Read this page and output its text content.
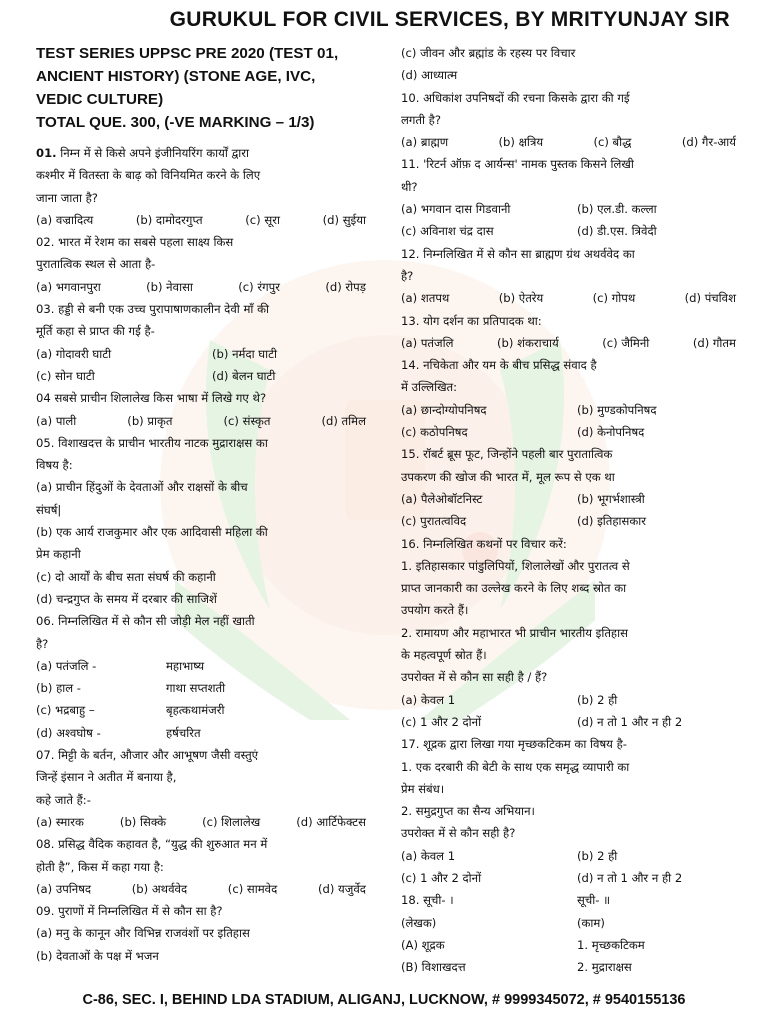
GURUKUL FOR CIVIL SERVICES, BY MRITYUNJAY SIR
TEST SERIES UPPSC PRE 2020 (TEST 01,
ANCIENT HISTORY) (STONE AGE, IVC,
VEDIC CULTURE)
TOTAL QUE. 300, (-VE MARKING – 1/3)
01. निम्न में से किसे अपने इंजीनियरिंग कार्यों द्वारा
कश्मीर में वितस्ता के बाढ़ को विनियमित करने के लिए
जाना जाता है?
(a) वज्रादित्य	(b) दामोदरगुप्त	(c) सूरा	(d) सुईया
02. भारत में रेशम का सबसे पहला साक्ष्य किस
पुरातात्विक स्थल से आता है-
(a) भगवानपुरा	(b) नेवासा	(c) रंगपुर	(d) रोपड़
03. हड्डी से बनी एक उच्च पुरापाषाणकालीन देवी माँ की
मूर्ति कहा से प्राप्त की गई है-
(a) गोदावरी घाटी	(b) नर्मदा घाटी
(c) सोन घाटी	(d) बेलन घाटी
04 सबसे प्राचीन शिलालेख किस भाषा में लिखे गए थे?
(a) पाली	(b) प्राकृत	(c) संस्कृत	(d) तमिल
05. विशाखदत्त के प्राचीन भारतीय नाटक मुद्राराक्षस का
विषय है:
(a) प्राचीन हिंदुओं के देवताओं और राक्षसों के बीच
संघर्ष|
(b) एक आर्य राजकुमार और एक आदिवासी महिला की
प्रेम कहानी
(c) दो आर्यों के बीच सता संघर्ष की कहानी
(d) चन्द्रगुप्त के समय में दरबार की साजिशें
06. निम्नलिखित में से कौन सी जोड़ी मेल नहीं खाती
है?
(a) पतंजलि -	महाभाष्य
(b) हाल -	गाथा सप्तशती
(c) भद्रबाहु –	बृहत्कथामंजरी
(d) अश्वघोष -	हर्षचरित
07. मिट्टी के बर्तन, औजार और आभूषण जैसी वस्तुएं
जिन्हें इंसान ने अतीत में बनाया है,
कहे जाते हैं:-
(a) स्मारक	(b) सिक्के	(c) शिलालेख	(d) आर्टिफेक्टस
08. प्रसिद्ध वैदिक कहावत है, “युद्ध की शुरुआत मन में
होती है”, किस में कहा गया है:
(a) उपनिषद	(b) अथर्ववेद	(c) सामवेद	(d) यजुर्वेद
09. पुराणों में निम्नलिखित में से कौन सा है?
(a) मनु के कानून और विभिन्न राजवंशों पर इतिहास
(b) देवताओं के पक्ष में भजन
(c) जीवन और ब्रह्मांड के रहस्य पर विचार
(d) आध्यात्म
10. अधिकांश उपनिषदों की रचना किसके द्वारा की गई
लगती है?
(a) ब्राह्मण	(b) क्षत्रिय	(c) बौद्ध	(d) गैर-आर्य
11. 'रिटर्न ऑफ़ द आर्यन्स' नामक पुस्तक किसने लिखी
थी?
(a) भगवान दास गिडवानी	(b) एल.डी. कल्ला
(c) अविनाश चंद्र दास	(d) डी.एस. त्रिवेदी
12. निम्नलिखित में से कौन सा ब्राह्मण ग्रंथ अथर्ववेद का
है?
(a) शतपथ	(b) ऐतरेय	(c) गोपथ	(d) पंचविश
13. योग दर्शन का प्रतिपादक था:
(a) पतंजलि	(b) शंकराचार्य	(c) जैमिनी	(d) गौतम
14. नचिकेता और यम के बीच प्रसिद्ध संवाद है
में उल्लिखित:
(a) छान्दोग्योपनिषद	(b) मुण्डकोपनिषद
(c) कठोपनिषद	(d) केनोपनिषद
15. रॉबर्ट ब्रूस फूट, जिन्होंने पहली बार पुरातात्विक
उपकरण की खोज की भारत में, मूल रूप से एक था
(a) पैलेओबॉटनिस्ट	(b) भूगर्भशास्त्री
(c) पुरातत्वविद	(d) इतिहासकार
16. निम्नलिखित कथनों पर विचार करें:
1. इतिहासकार पांडुलिपियों, शिलालेखों और पुरातत्व से
प्राप्त जानकारी का उल्लेख करने के लिए शब्द स्रोत का
उपयोग करते हैं।
2. रामायण और महाभारत भी प्राचीन भारतीय इतिहास
के महत्वपूर्ण स्रोत हैं।
उपरोक्त में से कौन सा सही है / हैं?
(a) केवल 1	(b) 2 ही
(c) 1 और 2 दोनों	(d) न तो 1 और न ही 2
17. शूद्रक द्वारा लिखा गया मृच्छकटिकम का विषय है-
1. एक दरबारी की बेटी के साथ एक समृद्ध व्यापारी का
प्रेम संबंध।
2. समुद्रगुप्त का सैन्य अभियान।
उपरोक्त में से कौन सही है?
(a) केवल 1	(b) 2 ही
(c) 1 और 2 दोनों	(d) न तो 1 और न ही 2
18. सूची- ।	सूची- ॥
(लेखक)	(काम)
(A) शूद्रक	1. मृच्छकटिकम
(B) विशाखदत्त	2. मुद्राराक्षस
C-86, SEC. I, BEHIND LDA STADIUM, ALIGANJ, LUCKNOW, # 9999345072, # 9540155136
